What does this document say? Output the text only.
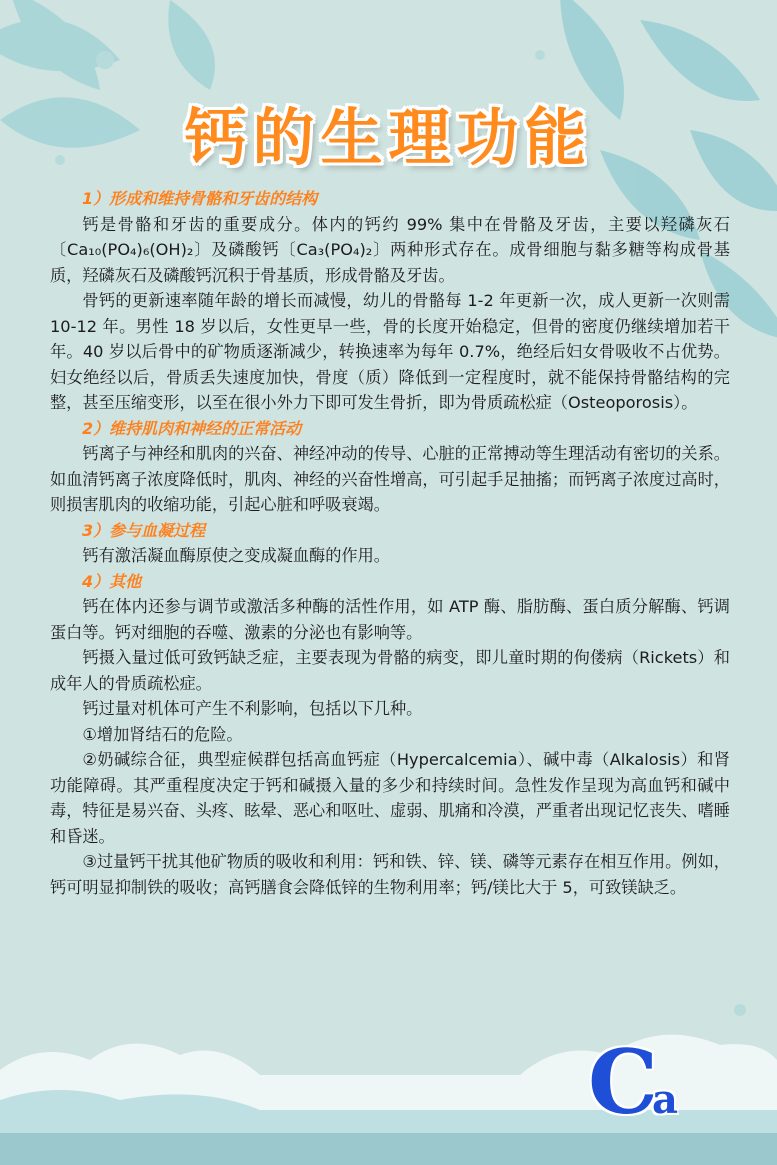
钙的生理功能

1）形成和维持骨骼和牙齿的结构

钙是骨骼和牙齿的重要成分。体内的钙约 99% 集中在骨骼及牙齿，主要以羟磷灰石〔Ca₁₀(PO₄)₆(OH)₂〕及磷酸钙〔Ca₃(PO₄)₂〕两种形式存在。成骨细胞与黏多糖等构成骨基质，羟磷灰石及磷酸钙沉积于骨基质，形成骨骼及牙齿。

骨钙的更新速率随年龄的增长而减慢，幼儿的骨骼每 1-2 年更新一次，成人更新一次则需 10-12 年。男性 18 岁以后，女性更早一些，骨的长度开始稳定，但骨的密度仍继续增加若干年。40 岁以后骨中的矿物质逐渐减少，转换速率为每年 0.7%，绝经后妇女骨吸收不占优势。妇女绝经以后，骨质丢失速度加快，骨度（质）降低到一定程度时，就不能保持骨骼结构的完整，甚至压缩变形，以至在很小外力下即可发生骨折，即为骨质疏松症（Osteoporosis）。

2）维持肌肉和神经的正常活动

钙离子与神经和肌肉的兴奋、神经冲动的传导、心脏的正常搏动等生理活动有密切的关系。如血清钙离子浓度降低时，肌肉、神经的兴奋性增高，可引起手足抽搐；而钙离子浓度过高时，则损害肌肉的收缩功能，引起心脏和呼吸衰竭。

3）参与血凝过程

钙有激活凝血酶原使之变成凝血酶的作用。

4）其他

钙在体内还参与调节或激活多种酶的活性作用，如 ATP 酶、脂肪酶、蛋白质分解酶、钙调蛋白等。钙对细胞的吞噬、激素的分泌也有影响等。

钙摄入量过低可致钙缺乏症，主要表现为骨骼的病变，即儿童时期的佝偻病（Rickets）和成年人的骨质疏松症。

钙过量对机体可产生不利影响，包括以下几种。

①增加肾结石的危险。

②奶碱综合征，典型症候群包括高血钙症（Hypercalcemia）、碱中毒（Alkalosis）和肾功能障碍。其严重程度决定于钙和碱摄入量的多少和持续时间。急性发作呈现为高血钙和碱中毒，特征是易兴奋、头疼、眩晕、恶心和呕吐、虚弱、肌痛和冷漠，严重者出现记忆丧失、嗜睡和昏迷。

③过量钙干扰其他矿物质的吸收和利用：钙和铁、锌、镁、磷等元素存在相互作用。例如，钙可明显抑制铁的吸收；高钙膳食会降低锌的生物利用率；钙/镁比大于 5，可致镁缺乏。

Ca
